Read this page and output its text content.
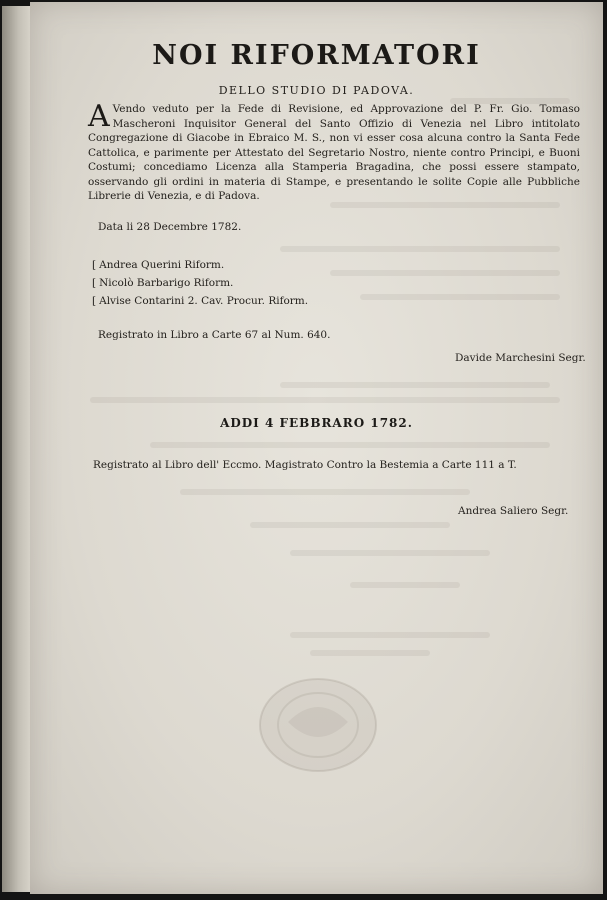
NOI RIFORMATORI
DELLO STUDIO DI PADOVA.
A Vendo veduto per la Fede di Revisione, ed Approvazione del P. Fr. Gio. Tomaso Mascheroni Inquisitor General del Santo Offizio di Venezia nel Libro intitolato Congregazione di Giacobe in Ebraico M. S., non vi esser cosa alcuna contro la Santa Fede Cattolica, e parimente per Attestato del Segretario Nostro, niente contro Principi, e Buoni Costumi; concediamo Licenza alla Stamperia Bragadina, che possi essere stampato, osservando gli ordini in materia di Stampe, e presentando le solite Copie alle Pubbliche Librerie di Venezia, e di Padova.
Data li 28 Decembre 1782.
[ Andrea Querini Riform.
[ Nicolò Barbarigo Riform.
[ Alvise Contarini 2. Cav. Procur. Riform.
Registrato in Libro a Carte 67 al Num. 640.
Davide Marchesini Segr.
ADDI 4 FEBBRARO 1782.
Registrato al Libro dell' Eccmo. Magistrato Contro la Bestemia a Carte 111 a T.
Andrea Saliero Segr.
